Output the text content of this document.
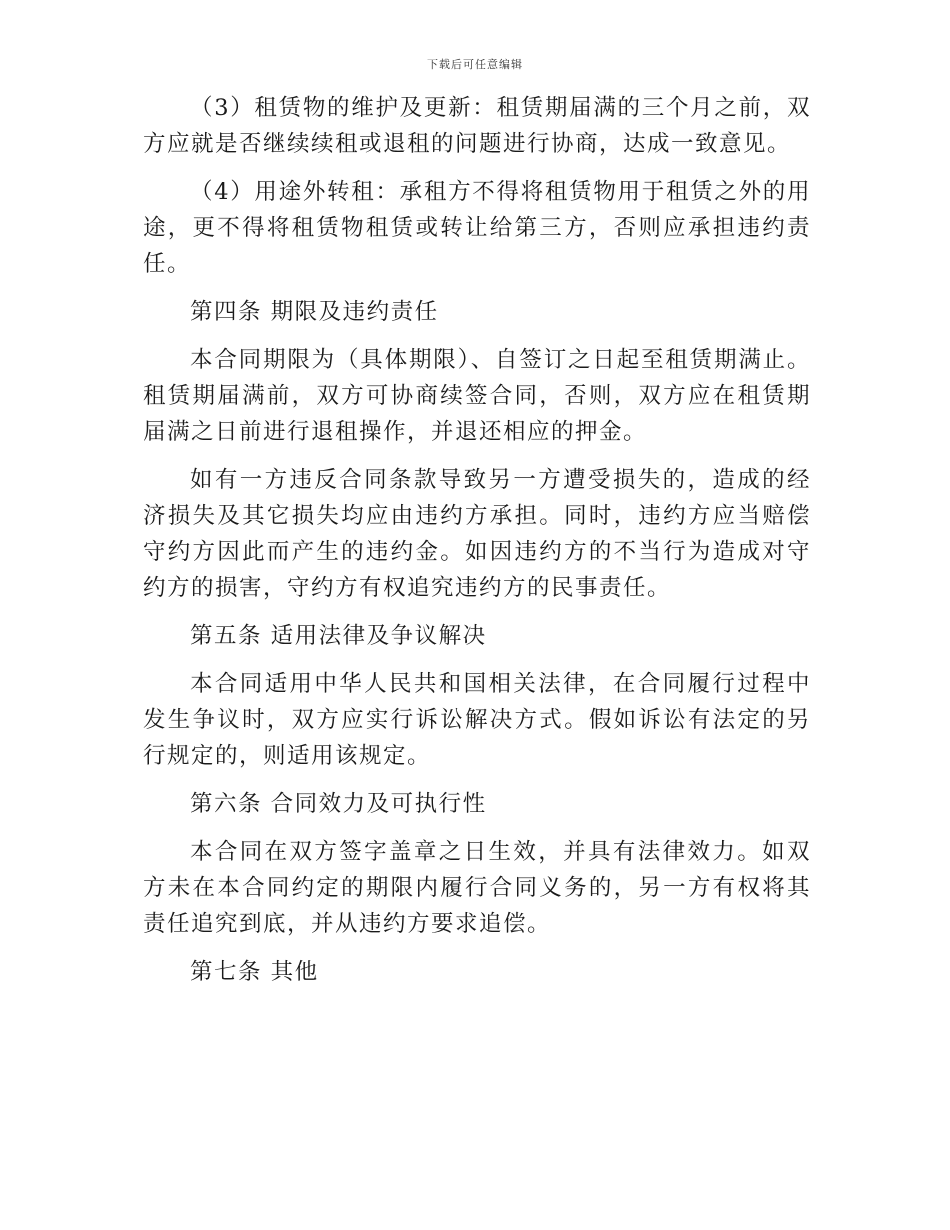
下载后可任意编辑

（3）租赁物的维护及更新：租赁期届满的三个月之前，双方应就是否继续续租或退租的问题进行协商，达成一致意见。

（4）用途外转租：承租方不得将租赁物用于租赁之外的用途，更不得将租赁物租赁或转让给第三方，否则应承担违约责任。

第四条 期限及违约责任

本合同期限为（具体期限）、自签订之日起至租赁期满止。租赁期届满前，双方可协商续签合同，否则，双方应在租赁期届满之日前进行退租操作，并退还相应的押金。

如有一方违反合同条款导致另一方遭受损失的，造成的经济损失及其它损失均应由违约方承担。同时，违约方应当赔偿守约方因此而产生的违约金。如因违约方的不当行为造成对守约方的损害，守约方有权追究违约方的民事责任。

第五条 适用法律及争议解决

本合同适用中华人民共和国相关法律，在合同履行过程中发生争议时，双方应实行诉讼解决方式。假如诉讼有法定的另行规定的，则适用该规定。

第六条 合同效力及可执行性

本合同在双方签字盖章之日生效，并具有法律效力。如双方未在本合同约定的期限内履行合同义务的，另一方有权将其责任追究到底，并从违约方要求追偿。

第七条 其他
